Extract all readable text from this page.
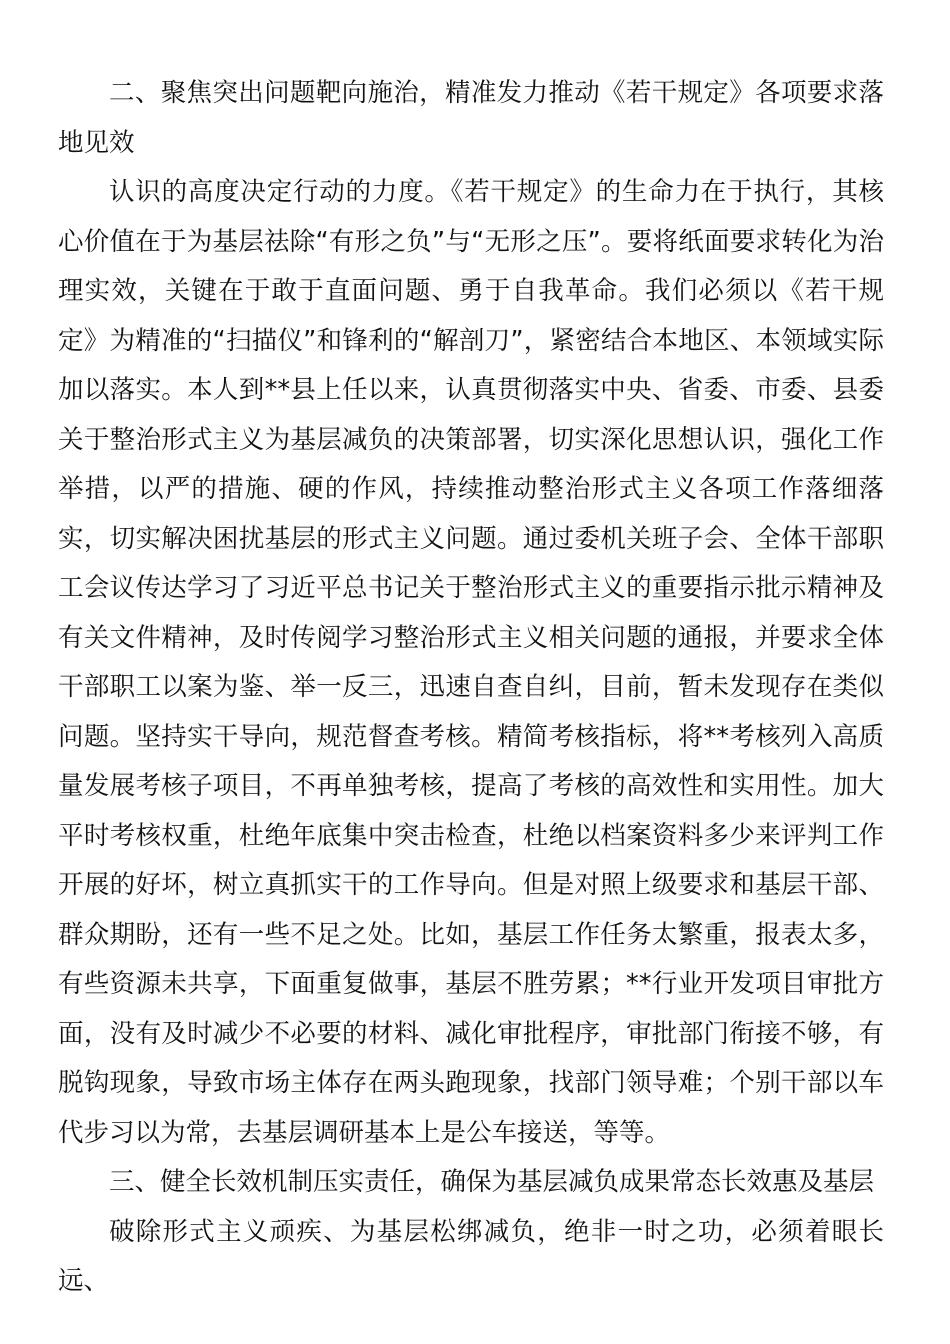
二、聚焦突出问题靶向施治，精准发力推动《若干规定》各项要求落地见效

认识的高度决定行动的力度。《若干规定》的生命力在于执行，其核心价值在于为基层祛除“有形之负”与“无形之压”。要将纸面要求转化为治理实效，关键在于敢于直面问题、勇于自我革命。我们必须以《若干规定》为精准的“扫描仪”和锋利的“解剖刀”，紧密结合本地区、本领域实际加以落实。本人到**县上任以来，认真贯彻落实中央、省委、市委、县委关于整治形式主义为基层减负的决策部署，切实深化思想认识，强化工作举措，以严的措施、硬的作风，持续推动整治形式主义各项工作落细落实，切实解决困扰基层的形式主义问题。通过委机关班子会、全体干部职工会议传达学习了习近平总书记关于整治形式主义的重要指示批示精神及有关文件精神，及时传阅学习整治形式主义相关问题的通报，并要求全体干部职工以案为鉴、举一反三，迅速自查自纠，目前，暂未发现存在类似问题。坚持实干导向，规范督查考核。精简考核指标，将**考核列入高质量发展考核子项目，不再单独考核，提高了考核的高效性和实用性。加大平时考核权重，杜绝年底集中突击检查，杜绝以档案资料多少来评判工作开展的好坏，树立真抓实干的工作导向。但是对照上级要求和基层干部、群众期盼，还有一些不足之处。比如，基层工作任务太繁重，报表太多，有些资源未共享，下面重复做事，基层不胜劳累；**行业开发项目审批方面，没有及时减少不必要的材料、减化审批程序，审批部门衔接不够，有脱钩现象，导致市场主体存在两头跑现象，找部门领导难；个别干部以车代步习以为常，去基层调研基本上是公车接送，等等。

三、健全长效机制压实责任，确保为基层减负成果常态长效惠及基层

破除形式主义顽疾、为基层松绑减负，绝非一时之功，必须着眼长远、
